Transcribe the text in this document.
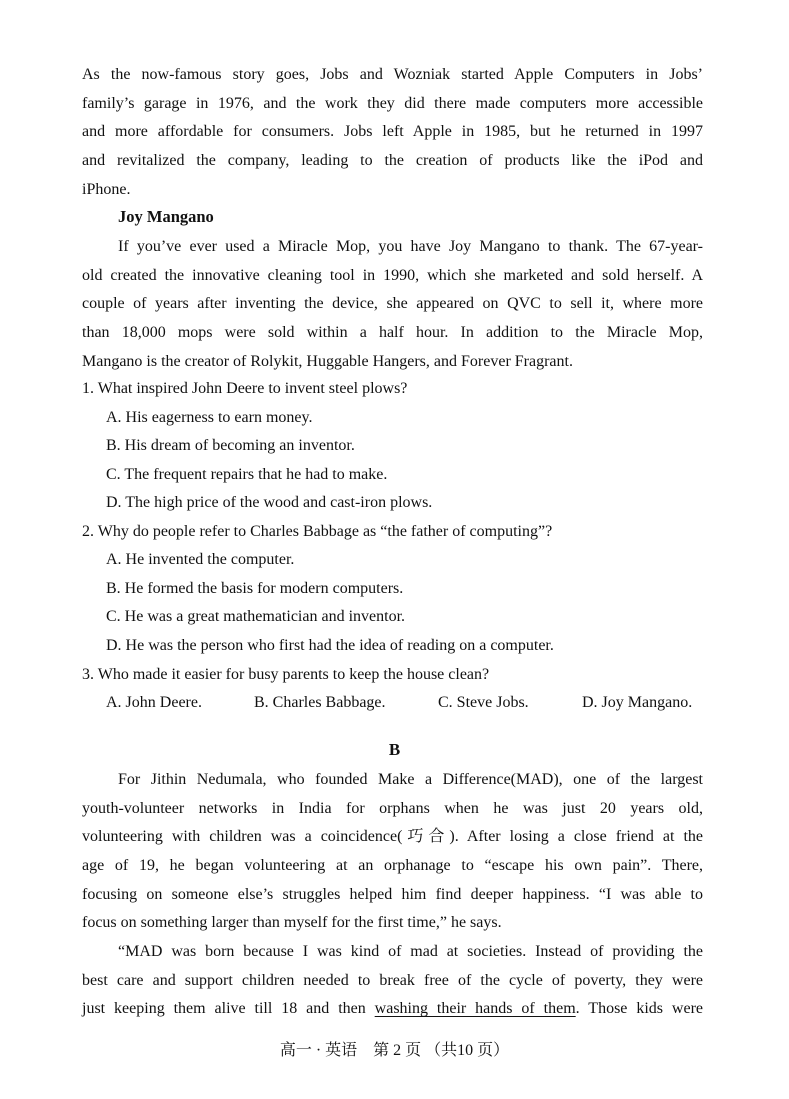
As the now-famous story goes, Jobs and Wozniak started Apple Computers in Jobs’
family’s garage in 1976, and the work they did there made computers more accessible
and more affordable for consumers. Jobs left Apple in 1985, but he returned in 1997
and revitalized the company, leading to the creation of products like the iPod and
iPhone.
Joy Mangano
If you’ve ever used a Miracle Mop, you have Joy Mangano to thank. The 67-year-
old created the innovative cleaning tool in 1990, which she marketed and sold herself. A
couple of years after inventing the device, she appeared on QVC to sell it, where more
than 18,000 mops were sold within a half hour. In addition to the Miracle Mop,
Mangano is the creator of Rolykit, Huggable Hangers, and Forever Fragrant.
1. What inspired John Deere to invent steel plows?
A. His eagerness to earn money.
B. His dream of becoming an inventor.
C. The frequent repairs that he had to make.
D. The high price of the wood and cast-iron plows.
2. Why do people refer to Charles Babbage as “the father of computing”?
A. He invented the computer.
B. He formed the basis for modern computers.
C. He was a great mathematician and inventor.
D. He was the person who first had the idea of reading on a computer.
3. Who made it easier for busy parents to keep the house clean?
A. John Deere.	B. Charles Babbage.	C. Steve Jobs.	D. Joy Mangano.
B
For Jithin Nedumala, who founded Make a Difference(MAD), one of the largest
youth-volunteer networks in India for orphans when he was just 20 years old,
volunteering with children was a coincidence(巧合). After losing a close friend at the
age of 19, he began volunteering at an orphanage to “escape his own pain”. There,
focusing on someone else’s struggles helped him find deeper happiness. “I was able to
focus on something larger than myself for the first time,” he says.
“MAD was born because I was kind of mad at societies. Instead of providing the
best care and support children needed to break free of the cycle of poverty, they were
just keeping them alive till 18 and then washing their hands of them. Those kids were
高一 · 英语　第 2 页 （共10 页）
